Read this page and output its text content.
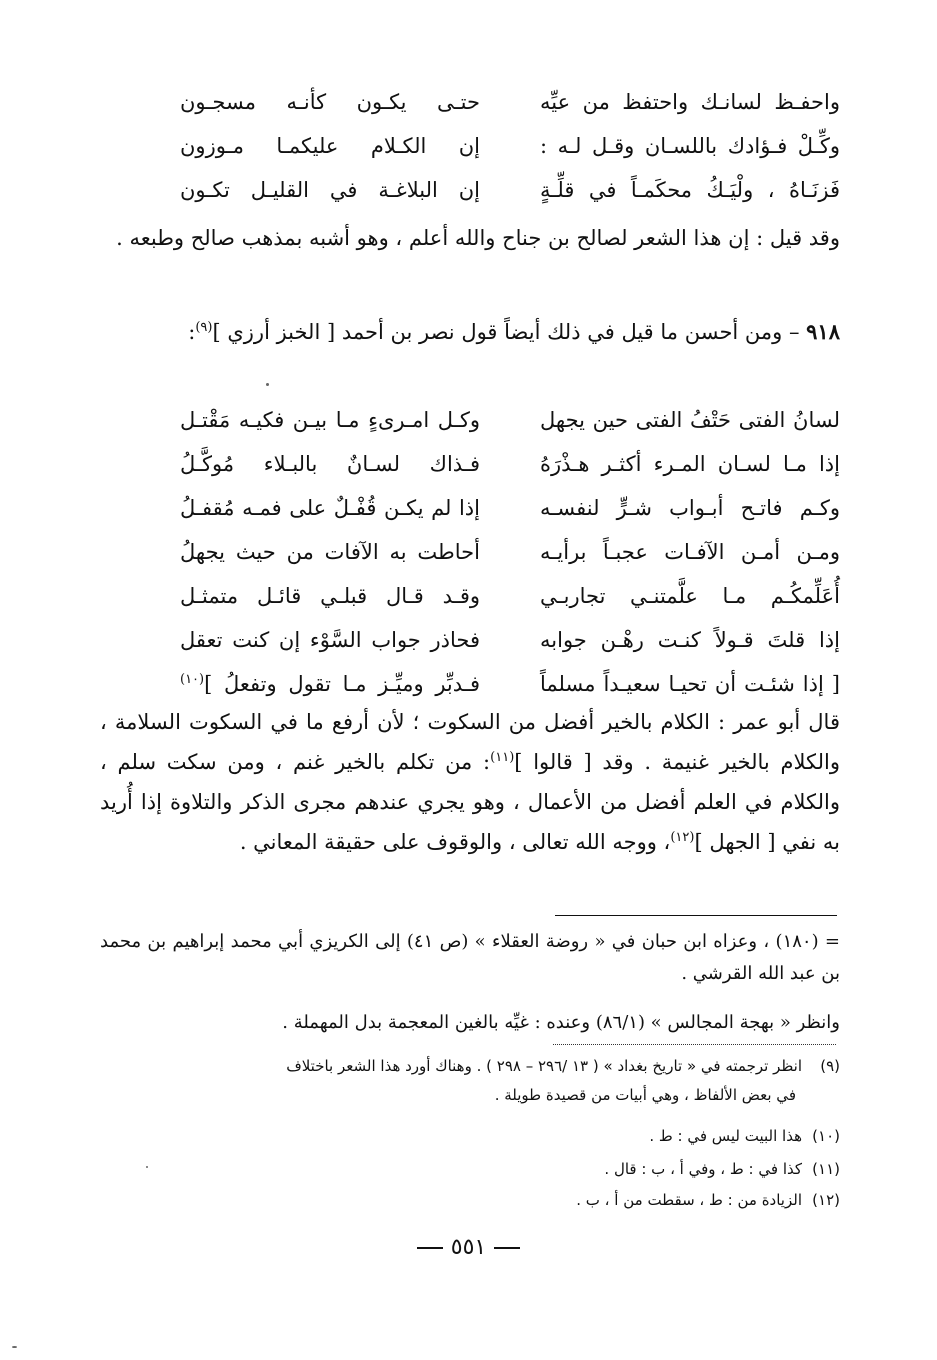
واحفـظ لسانـك واحتفظ من عيِّه
حتـى يكـون كأنـه مسجـون
وكِّـلْ فـؤادك باللسـان وقـل لـه :
إن الكـلام عليكمـا مـوزون
فَزنَـاهُ ، ولْيَـكُ محكَمـاً في قلِّـةٍ
إن البلاغـة في القليـل تكـون
وقد قيل : إن هذا الشعر لصالح بن جناح والله أعلم ، وهو أشبه بمذهب صالح وطبعه .
٩١٨ – ومن أحسن ما قيل في ذلك أيضاً قول نصر بن أحمد [ الخبز أرزي ]$^{(٩)}$:
لسانُ الفتى حَتْفُ الفتى حين يجهل
وكـل امـرىءٍ مـا بيـن فكيـه مَقْتـل
إذا مـا لسـان المـرء أكثـر هـذْرَهُ
فـذاك لسـانٌ بالبـلاء مُوكَّـلُ
وكـم فاتـح أبـواب شـرٍّ لنفسـه
إذا لم يكـن قُفْـلٌ على فمـه مُقفـلُ
ومـن أمـن الآفـات عجبـاً برأيـه
أحاطت به الآفات من حيث يجهلُ
أُعَلِّمكُـم مـا علَّمتنـي تجاربـي
وقـد قـال قبلـي قائـل متمثـل
إذا قلتَ قـولاً كنـت رهْـن جوابه
فحاذر جواب السَّوْء إن كنت تعقل
[ إذا شئـت أن تحيـا سعيـداً مسلماً
فـدبِّر وميِّـز مـا تقول وتفعلُ ]$^{(١٠)}$
قال أبو عمر : الكلام بالخير أفضل من السكوت ؛ لأن أرفع ما في السكوت السلامة ، والكلام بالخير غنيمة . وقد [ قالوا ]$^{(١١)}$: من تكلم بالخير غنم ، ومن سكت سلم ، والكلام في العلم أفضل من الأعمال ، وهو يجري عندهم مجرى الذكر والتلاوة إذا أُريد به نفي [ الجهل ]$^{(١٢)}$، ووجه الله تعالى ، والوقوف على حقيقة المعاني .
= (١٨٠) ، وعزاه ابن حبان في « روضة العقلاء » (ص ٤١) إلى الكريزي أبي محمد إبراهيم بن محمد بن عبد الله القرشي .
وانظر « بهجة المجالس » (٨٦/١) وعنده : غيِّه بالغين المعجمة بدل المهملة .
(٩)انظر ترجمته في « تاريخ بغداد » ( ١٣ /٢٩٦ – ٢٩٨ ) . وهناك أورد هذا الشعر باختلاف
في بعض الألفاظ ، وهي أبيات من قصيدة طويلة .
(١٠)هذا البيت ليس في : ط .
(١١)كذا في : ط ، وفي أ ، ب : قال .
(١٢)الزيادة من : ط ، سقطت من أ ، ب .
٥٥١
